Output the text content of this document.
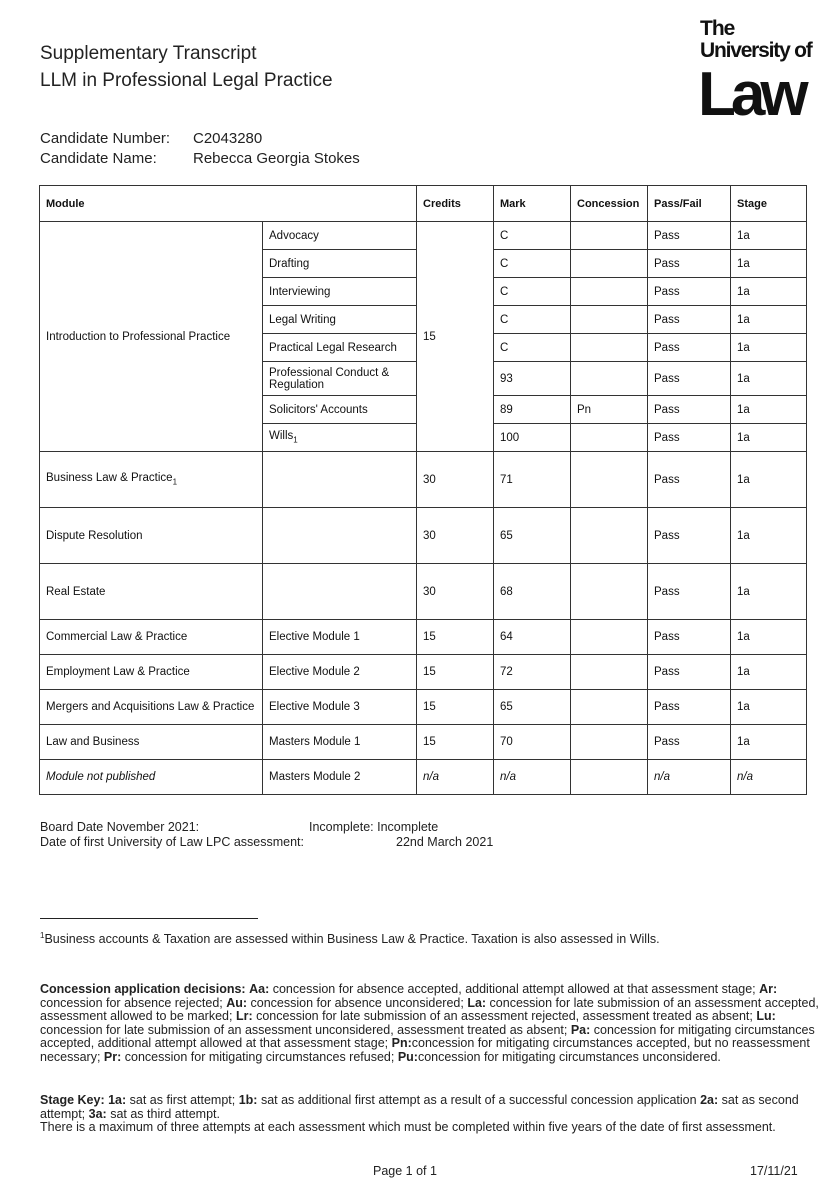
Supplementary Transcript
LLM in Professional Legal Practice
The
University of
Law
Candidate Number: C2043280
Candidate Name: Rebecca Georgia Stokes
Module		Credits	Mark	Concession	Pass/Fail	Stage
Introduction to Professional Practice	Advocacy	15	C		Pass	1a
	Drafting		C		Pass	1a
	Interviewing		C		Pass	1a
	Legal Writing		C		Pass	1a
	Practical Legal Research		C		Pass	1a
	Professional Conduct & Regulation		93		Pass	1a
	Solicitors' Accounts		89	Pn	Pass	1a
	Wills$_1$		100		Pass	1a
Business Law & Practice$_1$		30	71		Pass	1a
Dispute Resolution		30	65		Pass	1a
Real Estate		30	68		Pass	1a
Commercial Law & Practice	Elective Module 1	15	64		Pass	1a
Employment Law & Practice	Elective Module 2	15	72		Pass	1a
Mergers and Acquisitions Law & Practice	Elective Module 3	15	65		Pass	1a
Law and Business	Masters Module 1	15	70		Pass	1a
Module not published	Masters Module 2	n/a	n/a		n/a	n/a
Board Date November 2021:	Incomplete: Incomplete
Date of first University of Law LPC assessment:	22nd March 2021
$^1$Business accounts & Taxation are assessed within Business Law & Practice. Taxation is also assessed in Wills.
Concession application decisions: Aa: concession for absence accepted, additional attempt allowed at that assessment stage; Ar: concession for absence rejected; Au: concession for absence unconsidered; La: concession for late submission of an assessment accepted, assessment allowed to be marked; Lr: concession for late submission of an assessment rejected, assessment treated as absent; Lu: concession for late submission of an assessment unconsidered, assessment treated as absent; Pa: concession for mitigating circumstances accepted, additional attempt allowed at that assessment stage; Pn:concession for mitigating circumstances accepted, but no reassessment necessary; Pr: concession for mitigating circumstances refused; Pu:concession for mitigating circumstances unconsidered.
Stage Key: 1a: sat as first attempt; 1b: sat as additional first attempt as a result of a successful concession application 2a: sat as second attempt; 3a: sat as third attempt.
There is a maximum of three attempts at each assessment which must be completed within five years of the date of first assessment.
Page 1 of 1	17/11/21
